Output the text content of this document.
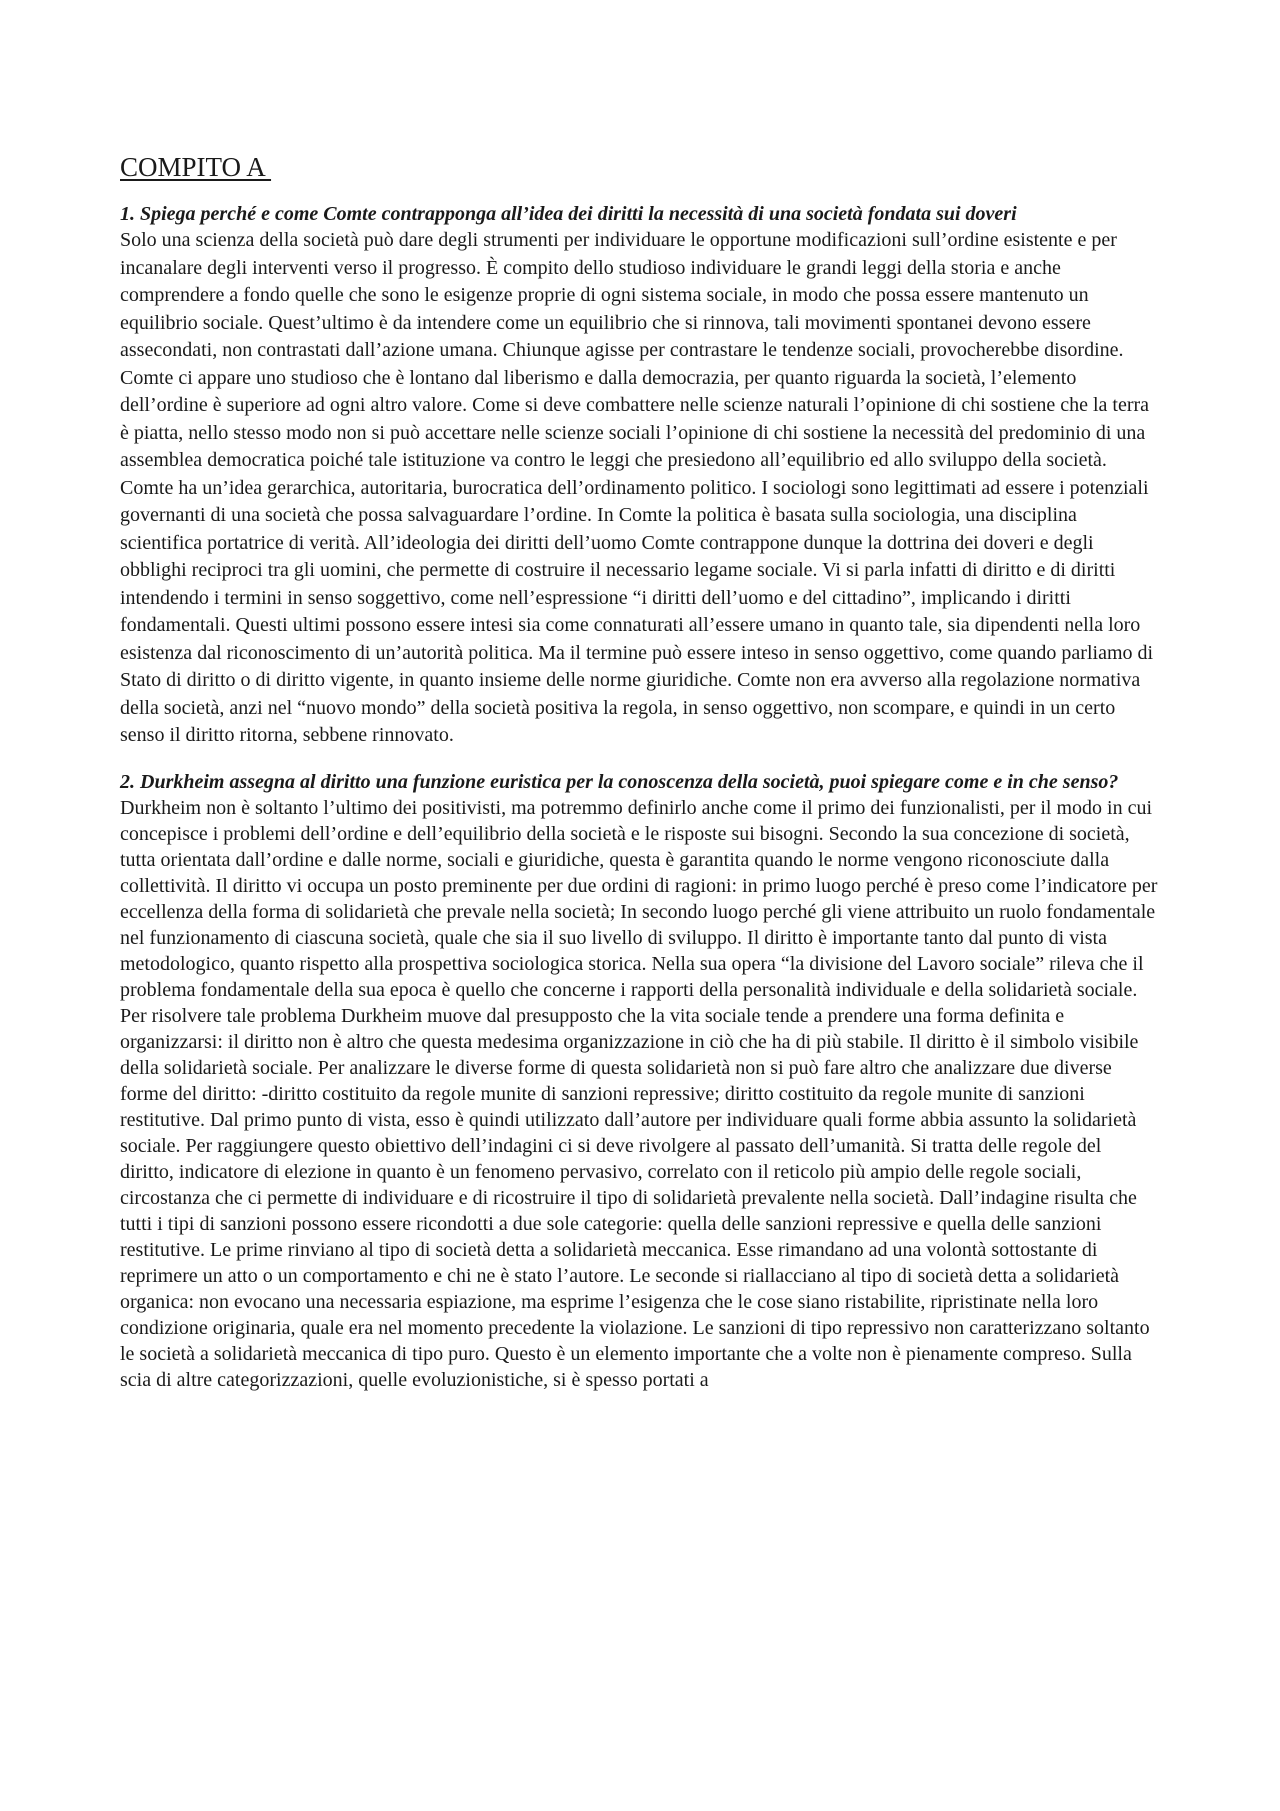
COMPITO A

1. Spiega perché e come Comte contrapponga all’idea dei diritti la necessità di una società fondata sui doveri

Solo una scienza della società può dare degli strumenti per individuare le opportune modificazioni sull’ordine esistente e per incanalare degli interventi verso il progresso. È compito dello studioso individuare le grandi leggi della storia e anche comprendere a fondo quelle che sono le esigenze proprie di ogni sistema sociale, in modo che possa essere mantenuto un equilibrio sociale. Quest’ultimo è da intendere come un equilibrio che si rinnova, tali movimenti spontanei devono essere assecondati, non contrastati dall’azione umana. Chiunque agisse per contrastare le tendenze sociali, provocherebbe disordine. Comte ci appare uno studioso che è lontano dal liberismo e dalla democrazia, per quanto riguarda la società, l’elemento dell’ordine è superiore ad ogni altro valore. Come si deve combattere nelle scienze naturali l’opinione di chi sostiene che la terra è piatta, nello stesso modo non si può accettare nelle scienze sociali l’opinione di chi sostiene la necessità del predominio di una assemblea democratica poiché tale istituzione va contro le leggi che presiedono all’equilibrio ed allo sviluppo della società. Comte ha un’idea gerarchica, autoritaria, burocratica dell’ordinamento politico. I sociologi sono legittimati ad essere i potenziali governanti di una società che possa salvaguardare l’ordine. In Comte la politica è basata sulla sociologia, una disciplina scientifica portatrice di verità. All’ideologia dei diritti dell’uomo Comte contrappone dunque la dottrina dei doveri e degli obblighi reciproci tra gli uomini, che permette di costruire il necessario legame sociale. Vi si parla infatti di diritto e di diritti intendendo i termini in senso soggettivo, come nell’espressione “i diritti dell’uomo e del cittadino”, implicando i diritti fondamentali. Questi ultimi possono essere intesi sia come connaturati all’essere umano in quanto tale, sia dipendenti nella loro esistenza dal riconoscimento di un’autorità politica. Ma il termine può essere inteso in senso oggettivo, come quando parliamo di Stato di diritto o di diritto vigente, in quanto insieme delle norme giuridiche. Comte non era avverso alla regolazione normativa della società, anzi nel “nuovo mondo” della società positiva la regola, in senso oggettivo, non scompare, e quindi in un certo senso il diritto ritorna, sebbene rinnovato.

2. Durkheim assegna al diritto una funzione euristica per la conoscenza della società, puoi spiegare come e in che senso?

Durkheim non è soltanto l’ultimo dei positivisti, ma potremmo definirlo anche come il primo dei funzionalisti, per il modo in cui concepisce i problemi dell’ordine e dell’equilibrio della società e le risposte sui bisogni. Secondo la sua concezione di società, tutta orientata dall’ordine e dalle norme, sociali e giuridiche, questa è garantita quando le norme vengono riconosciute dalla collettività. Il diritto vi occupa un posto preminente per due ordini di ragioni: in primo luogo perché è preso come l’indicatore per eccellenza della forma di solidarietà che prevale nella società; In secondo luogo perché gli viene attribuito un ruolo fondamentale nel funzionamento di ciascuna società, quale che sia il suo livello di sviluppo. Il diritto è importante tanto dal punto di vista metodologico, quanto rispetto alla prospettiva sociologica storica. Nella sua opera “la divisione del Lavoro sociale” rileva che il problema fondamentale della sua epoca è quello che concerne i rapporti della personalità individuale e della solidarietà sociale. Per risolvere tale problema Durkheim muove dal presupposto che la vita sociale tende a prendere una forma definita e organizzarsi: il diritto non è altro che questa medesima organizzazione in ciò che ha di più stabile. Il diritto è il simbolo visibile della solidarietà sociale. Per analizzare le diverse forme di questa solidarietà non si può fare altro che analizzare due diverse forme del diritto: -diritto costituito da regole munite di sanzioni repressive; diritto costituito da regole munite di sanzioni restitutive. Dal primo punto di vista, esso è quindi utilizzato dall’autore per individuare quali forme abbia assunto la solidarietà sociale. Per raggiungere questo obiettivo dell’indagini ci si deve rivolgere al passato dell’umanità. Si tratta delle regole del diritto, indicatore di elezione in quanto è un fenomeno pervasivo, correlato con il reticolo più ampio delle regole sociali, circostanza che ci permette di individuare e di ricostruire il tipo di solidarietà prevalente nella società. Dall’indagine risulta che tutti i tipi di sanzioni possono essere ricondotti a due sole categorie: quella delle sanzioni repressive e quella delle sanzioni restitutive. Le prime rinviano al tipo di società detta a solidarietà meccanica. Esse rimandano ad una volontà sottostante di reprimere un atto o un comportamento e chi ne è stato l’autore. Le seconde si riallacciano al tipo di società detta a solidarietà organica: non evocano una necessaria espiazione, ma esprime l’esigenza che le cose siano ristabilite, ripristinate nella loro condizione originaria, quale era nel momento precedente la violazione. Le sanzioni di tipo repressivo non caratterizzano soltanto le società a solidarietà meccanica di tipo puro. Questo è un elemento importante che a volte non è pienamente compreso. Sulla scia di altre categorizzazioni, quelle evoluzionistiche, si è spesso portati a
